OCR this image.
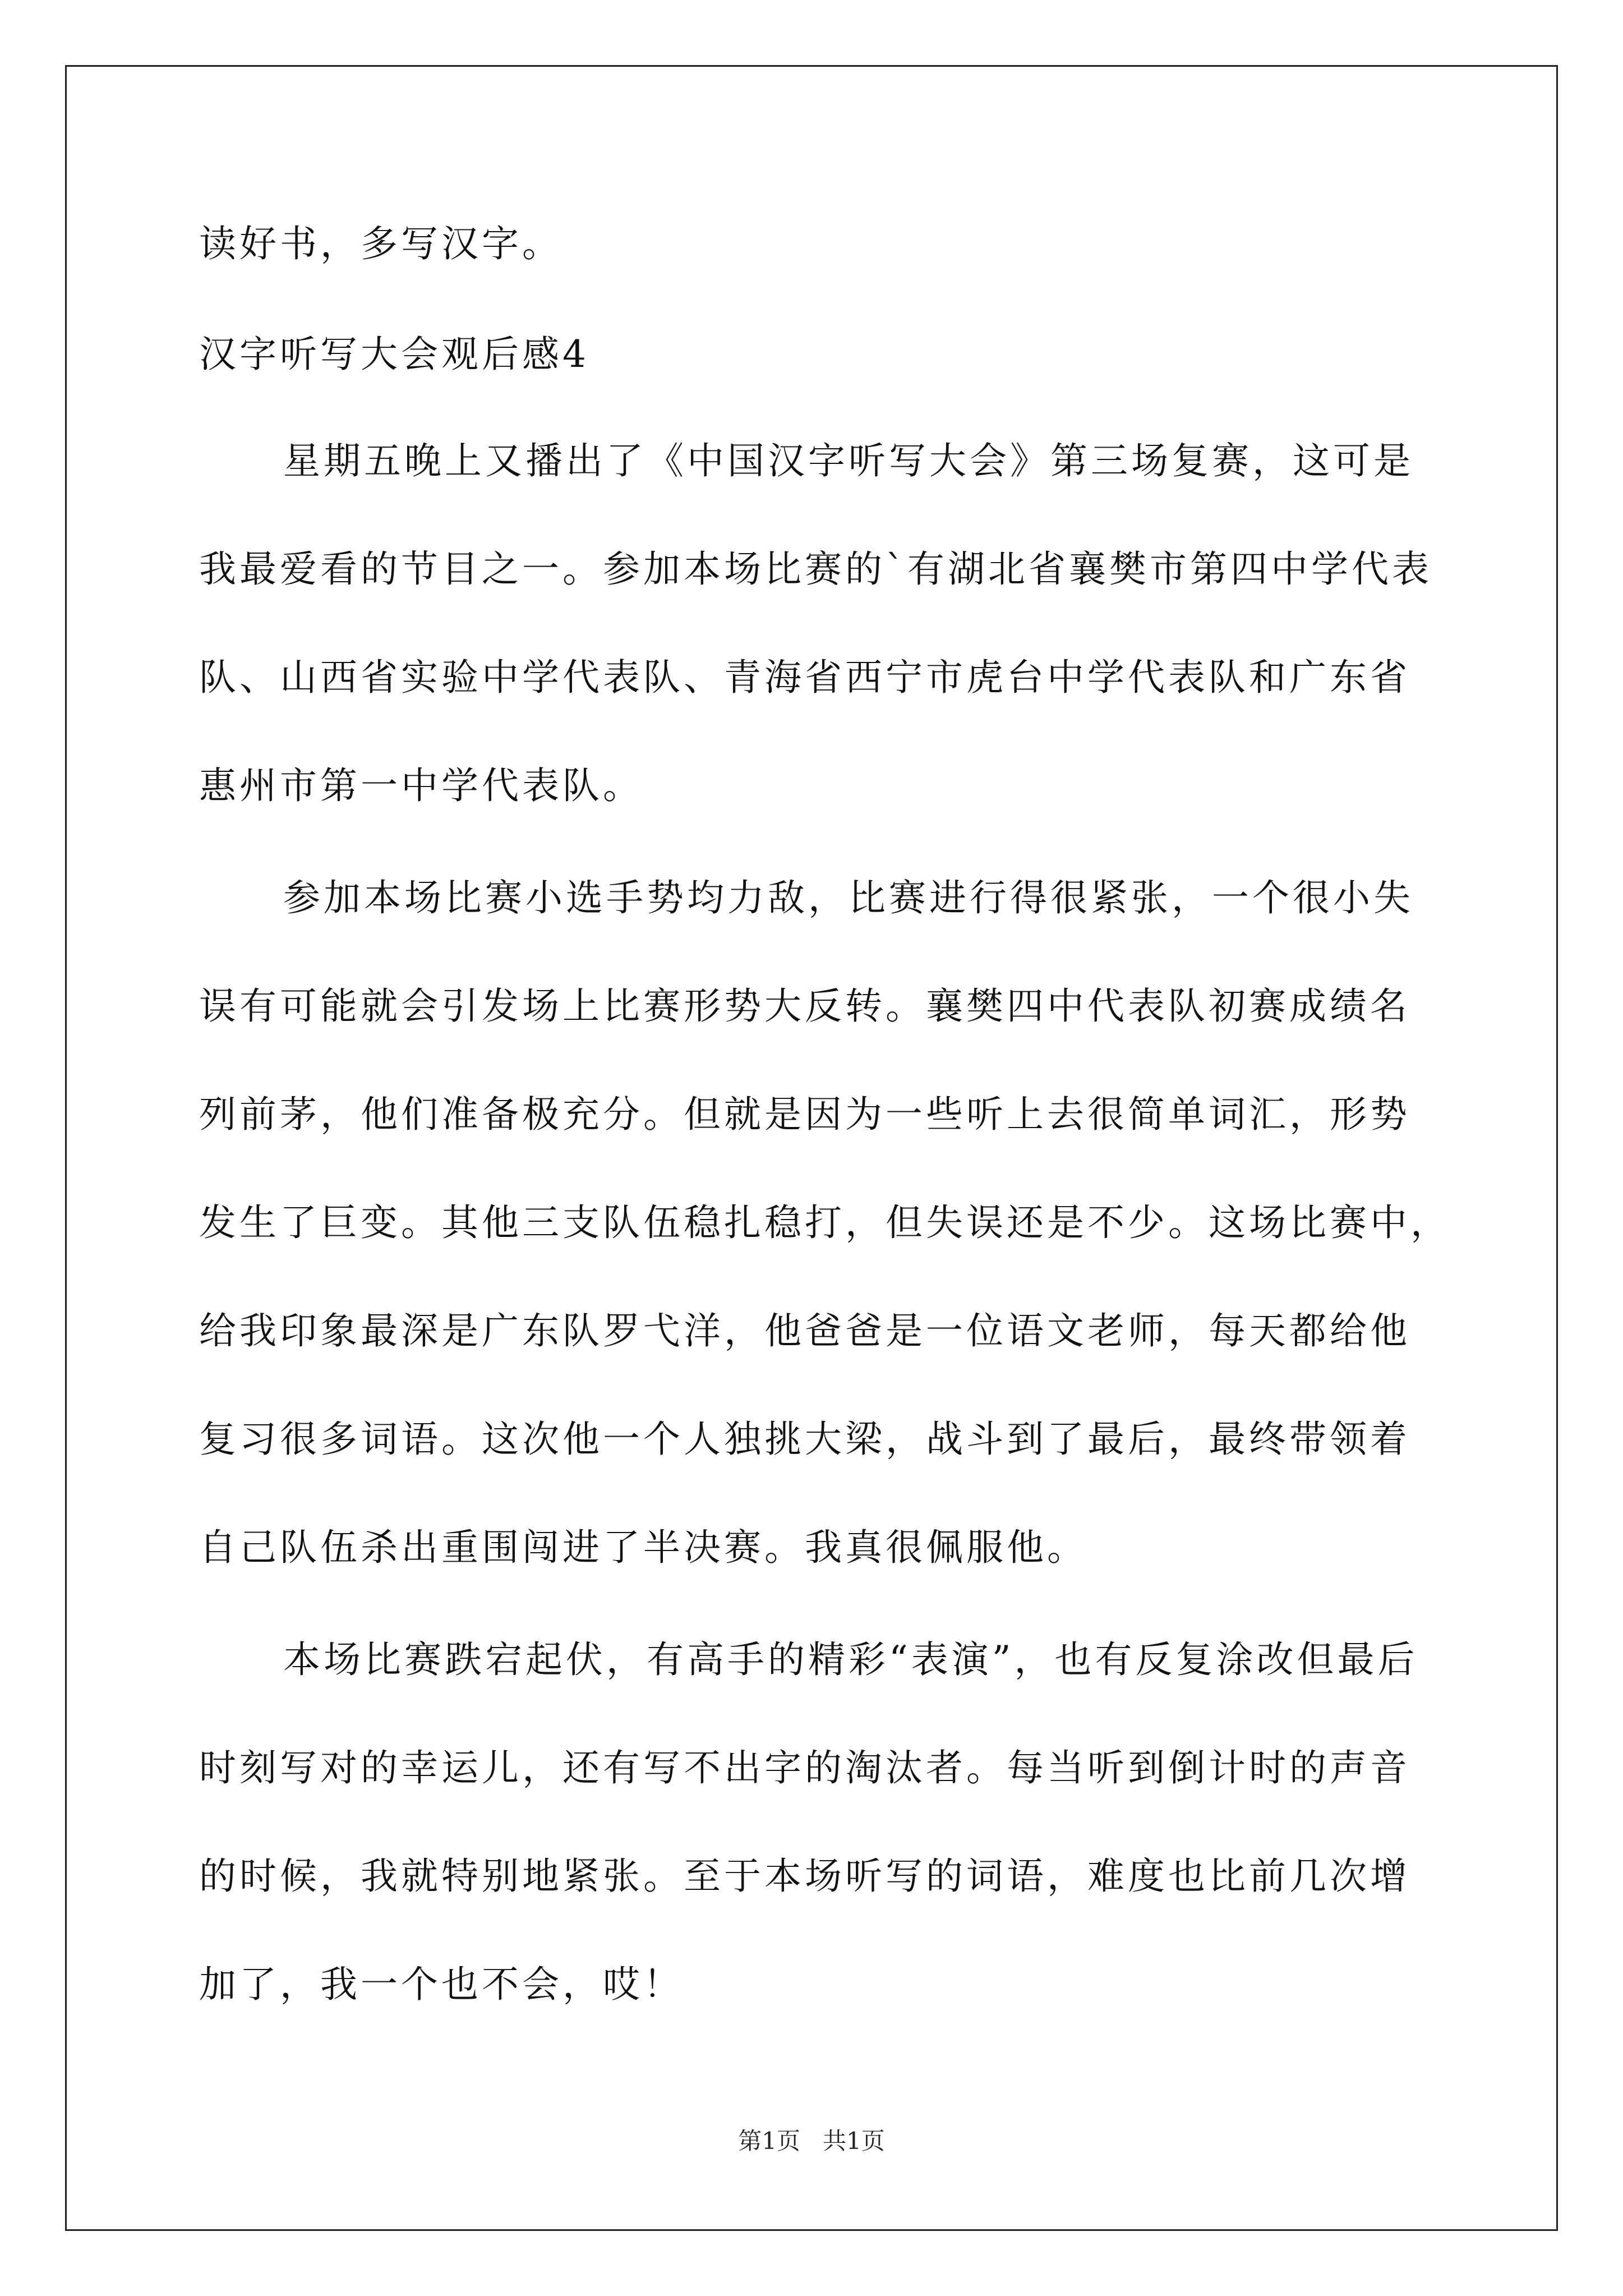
读好书，多写汉字。
汉字听写大会观后感4
星期五晚上又播出了《中国汉字听写大会》第三场复赛，这可是
我最爱看的节目之一。参加本场比赛的`有湖北省襄樊市第四中学代表
队、山西省实验中学代表队、青海省西宁市虎台中学代表队和广东省
惠州市第一中学代表队。
参加本场比赛小选手势均力敌，比赛进行得很紧张，一个很小失
误有可能就会引发场上比赛形势大反转。襄樊四中代表队初赛成绩名
列前茅，他们准备极充分。但就是因为一些听上去很简单词汇，形势
发生了巨变。其他三支队伍稳扎稳打，但失误还是不少。这场比赛中，
给我印象最深是广东队罗弋洋，他爸爸是一位语文老师，每天都给他
复习很多词语。这次他一个人独挑大梁，战斗到了最后，最终带领着
自己队伍杀出重围闯进了半决赛。我真很佩服他。
本场比赛跌宕起伏，有高手的精彩“表演”，也有反复涂改但最后
时刻写对的幸运儿，还有写不出字的淘汰者。每当听到倒计时的声音
的时候，我就特别地紧张。至于本场听写的词语，难度也比前几次增
加了，我一个也不会，哎！
第1页   共1页
